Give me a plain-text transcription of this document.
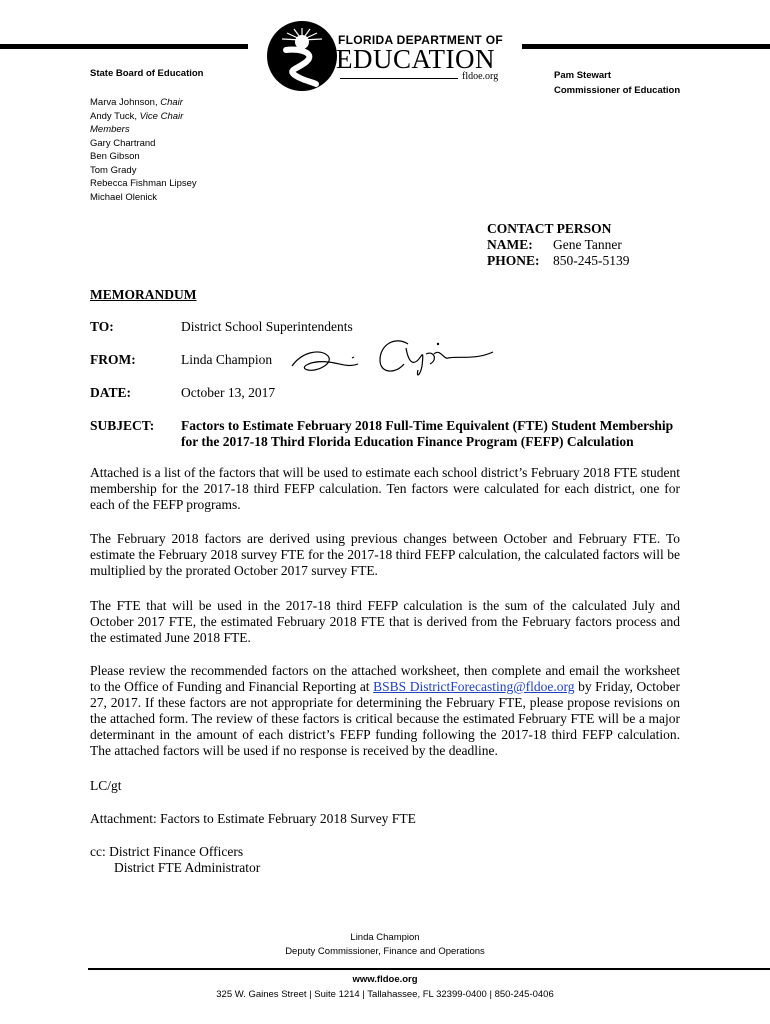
FLORIDA DEPARTMENT OF
EDUCATION
fldoe.org
State Board of Education	Pam Stewart
Commissioner of Education
Marva Johnson, Chair
Andy Tuck, Vice Chair
Members
Gary Chartrand
Ben Gibson
Tom Grady
Rebecca Fishman Lipsey
Michael Olenick
CONTACT PERSON
NAME: Gene Tanner
PHONE: 850-245-5139
MEMORANDUM
TO:	District School Superintendents
FROM:	Linda Champion
DATE:	October 13, 2017
SUBJECT: Factors to Estimate February 2018 Full-Time Equivalent (FTE) Student Membership
for the 2017-18 Third Florida Education Finance Program (FEFP) Calculation
Attached is a list of the factors that will be used to estimate each school district’s February 2018 FTE student membership for the 2017-18 third FEFP calculation. Ten factors were calculated for each district, one for each of the FEFP programs.
The February 2018 factors are derived using previous changes between October and February FTE. To estimate the February 2018 survey FTE for the 2017-18 third FEFP calculation, the calculated factors will be multiplied by the prorated October 2017 survey FTE.
The FTE that will be used in the 2017-18 third FEFP calculation is the sum of the calculated July and October 2017 FTE, the estimated February 2018 FTE that is derived from the February factors process and the estimated June 2018 FTE.
Please review the recommended factors on the attached worksheet, then complete and email the worksheet to the Office of Funding and Financial Reporting at BSBS DistrictForecasting@fldoe.org by Friday, October 27, 2017. If these factors are not appropriate for determining the February FTE, please propose revisions on the attached form. The review of these factors is critical because the estimated February FTE will be a major determinant in the amount of each district’s FEFP funding following the 2017-18 third FEFP calculation. The attached factors will be used if no response is received by the deadline.
LC/gt
Attachment: Factors to Estimate February 2018 Survey FTE
cc: District Finance Officers
District FTE Administrator
Linda Champion
Deputy Commissioner, Finance and Operations
www.fldoe.org
325 W. Gaines Street | Suite 1214 | Tallahassee, FL 32399-0400 | 850-245-0406
